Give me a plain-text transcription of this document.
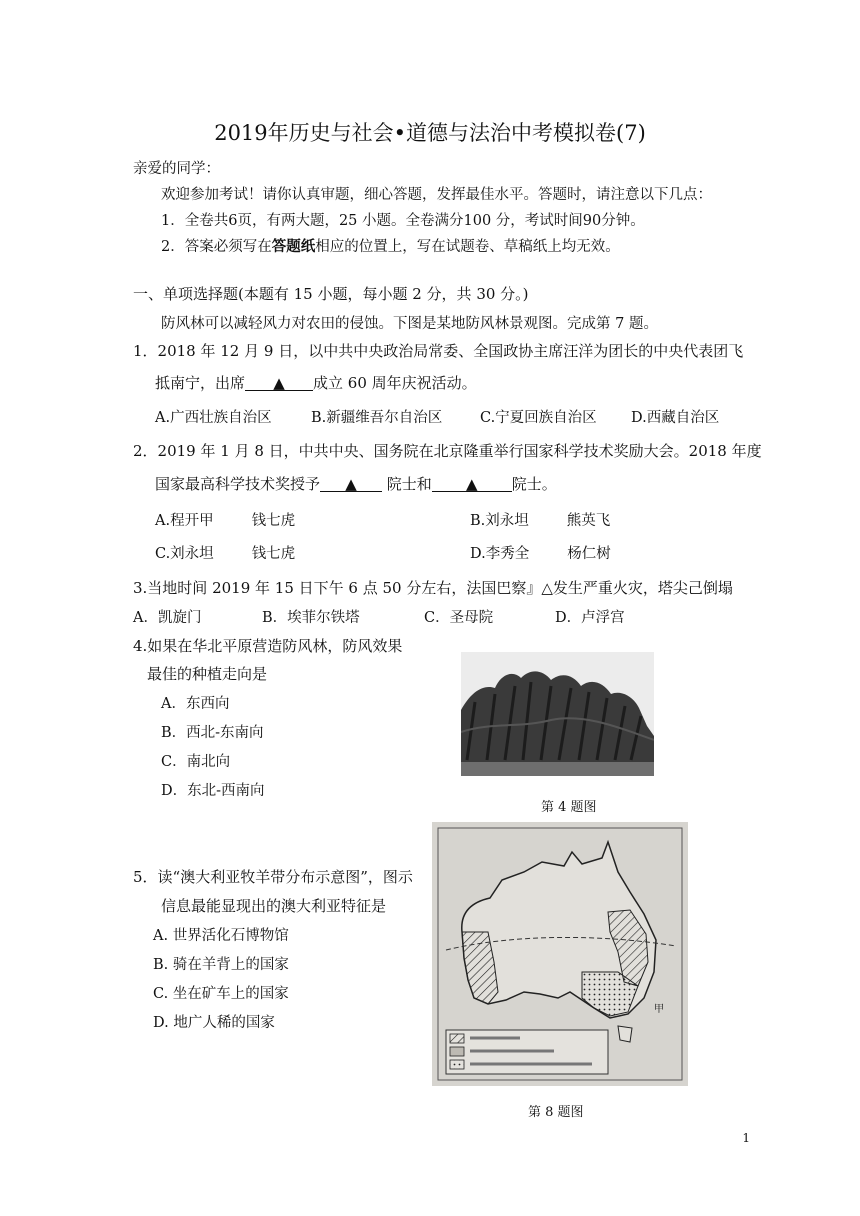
2019年历史与社会•道德与法治中考模拟卷(7)
亲爱的同学：
欢迎参加考试！请你认真审题，细心答题，发挥最佳水平。答题时，请注意以下几点：
1．全卷共6页，有两大题，25 小题。全卷满分100 分，考试时间90分钟。
2．答案必须写在答题纸相应的位置上，写在试题卷、草稿纸上均无效。
一、单项选择题(本题有 15 小题，每小题 2 分，共 30 分。)
防风林可以减轻风力对农田的侵蚀。下图是某地防风林景观图。完成第 7 题。
1．2018 年 12 月 9 日，以中共中央政治局常委、全国政协主席汪洋为团长的中央代表团飞
抵南宁，出席 ▲ 成立 60 周年庆祝活动。
A.广西壮族自治区	B.新疆维吾尔自治区	C.宁夏回族自治区 D.西藏自治区
2．2019 年 1 月 8 日，中共中央、国务院在北京隆重举行国家科学技术奖励大会。2018 年度
国家最高科学技术奖授予 ▲ 院士和 ▲ 院士。
A.程开甲	钱七虎	B.刘永坦	熊英飞
C.刘永坦	钱七虎	D.李秀全	杨仁树
3.当地时间 2019 年 15 日下午 6 点 50 分左右，法国巴察』△发生严重火灾，塔尖己倒塌
A．凯旋门	B．埃菲尔铁塔	C．圣母院	D．卢浮宫
4.如果在华北平原营造防风林，防风效果
最佳的种植走向是
A．东西向
B．西北-东南向
C．南北向
D．东北-西南向
第 4 题图
5．读“澳大利亚牧羊带分布示意图”，图示
信息最能显现出的澳大利亚特征是
A. 世界活化石博物馆
B. 骑在羊背上的国家
C. 坐在矿车上的国家
D. 地广人稀的国家
甲
第 8 题图
1
